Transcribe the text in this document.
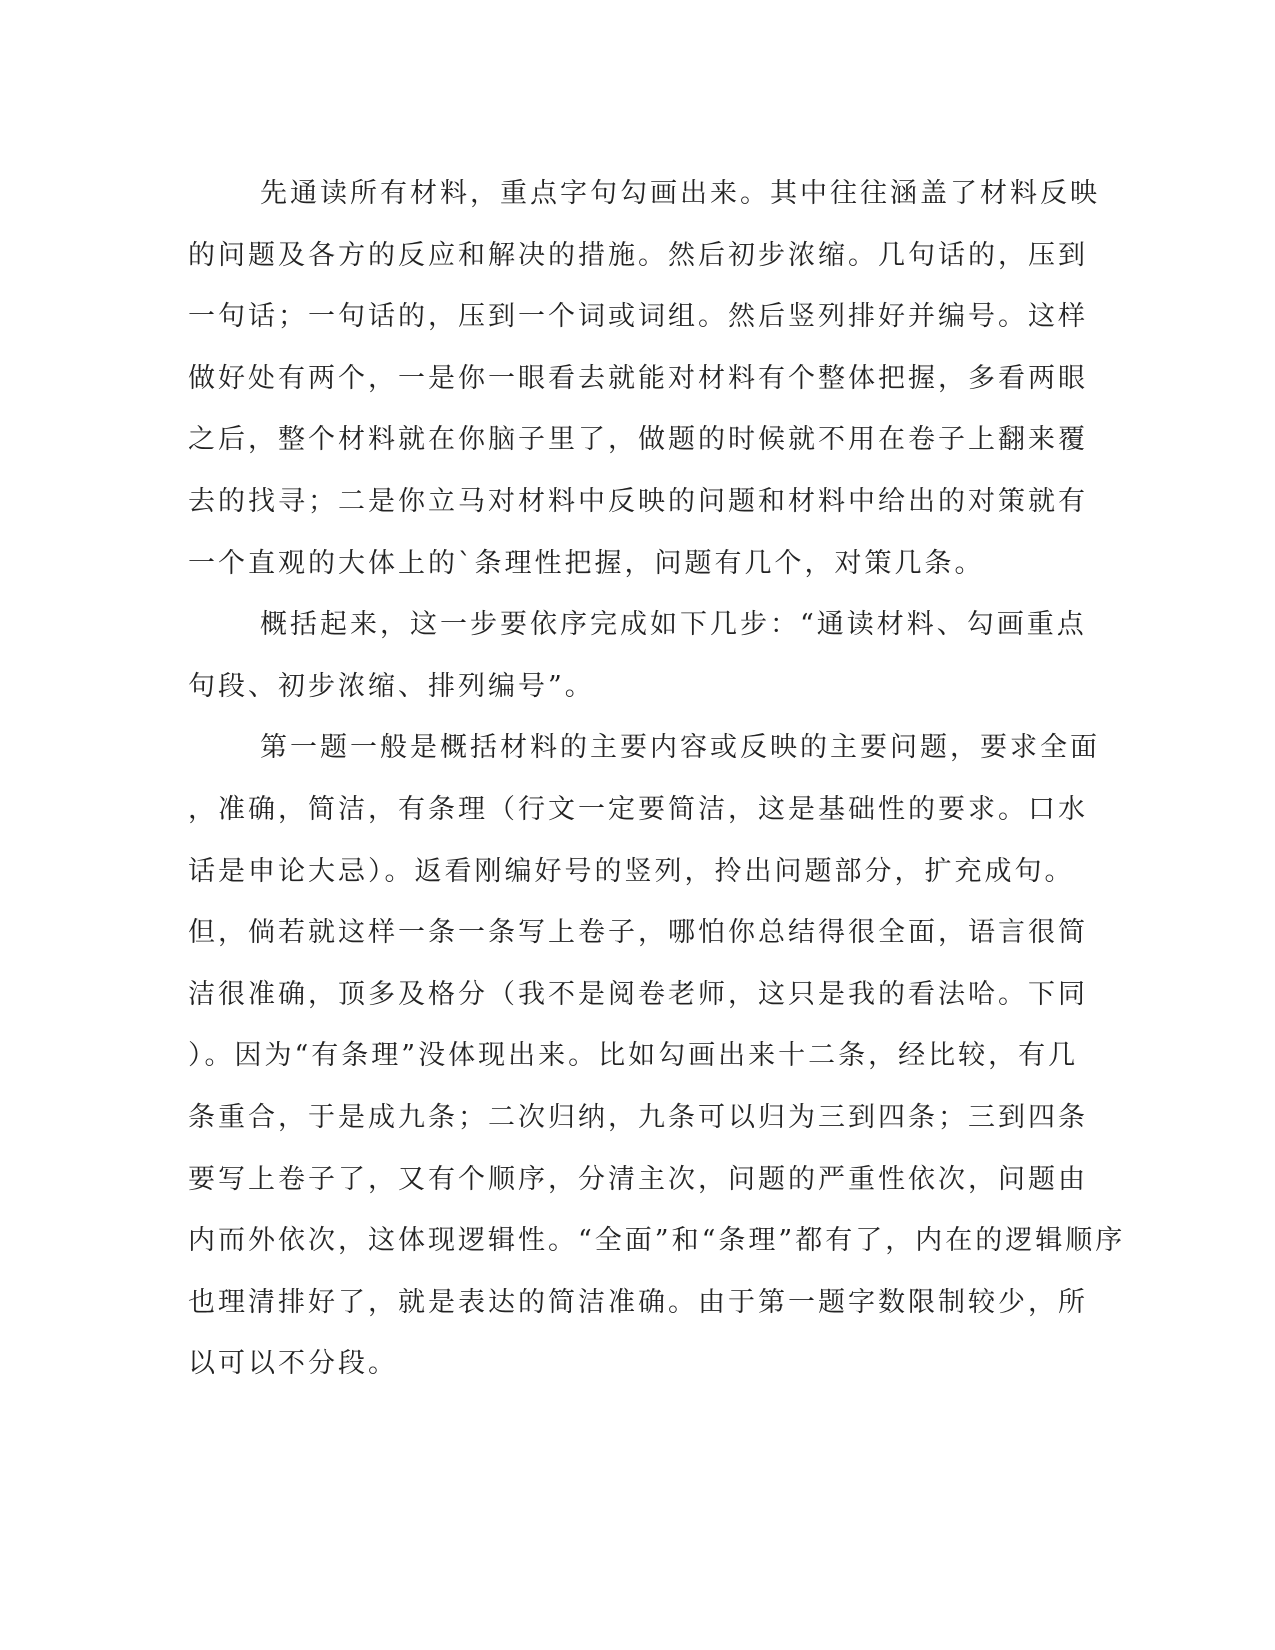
先通读所有材料，重点字句勾画出来。其中往往涵盖了材料反映
的问题及各方的反应和解决的措施。然后初步浓缩。几句话的，压到
一句话；一句话的，压到一个词或词组。然后竖列排好并编号。这样
做好处有两个，一是你一眼看去就能对材料有个整体把握，多看两眼
之后，整个材料就在你脑子里了，做题的时候就不用在卷子上翻来覆
去的找寻；二是你立马对材料中反映的问题和材料中给出的对策就有
一个直观的大体上的`条理性把握，问题有几个，对策几条。
概括起来，这一步要依序完成如下几步：“通读材料、勾画重点
句段、初步浓缩、排列编号”。
第一题一般是概括材料的主要内容或反映的主要问题，要求全面
，准确，简洁，有条理（行文一定要简洁，这是基础性的要求。口水
话是申论大忌）。返看刚编好号的竖列，拎出问题部分，扩充成句。
但，倘若就这样一条一条写上卷子，哪怕你总结得很全面，语言很简
洁很准确，顶多及格分（我不是阅卷老师，这只是我的看法哈。下同
）。因为“有条理”没体现出来。比如勾画出来十二条，经比较，有几
条重合，于是成九条；二次归纳，九条可以归为三到四条；三到四条
要写上卷子了，又有个顺序，分清主次，问题的严重性依次，问题由
内而外依次，这体现逻辑性。“全面”和“条理”都有了，内在的逻辑顺序
也理清排好了，就是表达的简洁准确。由于第一题字数限制较少，所
以可以不分段。
